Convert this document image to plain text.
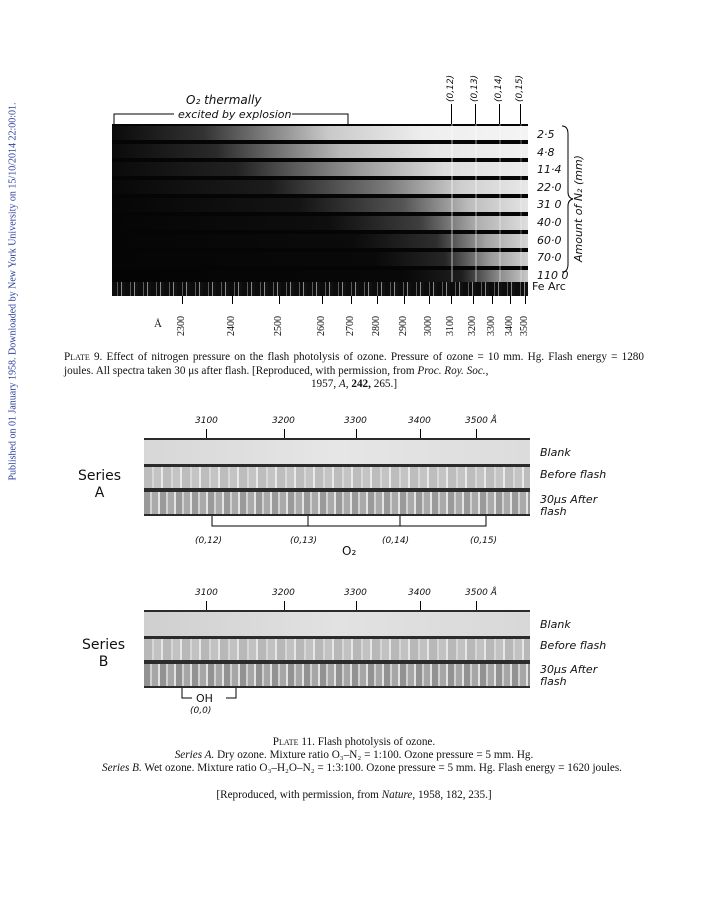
Published on 01 January 1958. Downloaded by New York University on 15/10/2014 22:00:01.
O₂ thermally
excited by explosion
(0,12) (0,13) (0,14) (0,15)
2·5
4·8
11·4
22·0
31 0
40·0
60·0
70·0
110 0
Fe Arc
Amount of N₂ (mm)
Å 2300	2400	2500	2600 2700 2800 2900 3000 3100 3200 3300 3400 3500
Plate 9. Effect of nitrogen pressure on the flash photolysis of ozone. Pressure of ozone = 10 mm. Hg. Flash energy = 1280 joules. All spectra taken 30 μs after flash. [Reproduced, with permission, from Proc. Roy. Soc.,
1957, A, 242, 265.]
3100	3200	3300	3400	3500 Å
Series
A
Blank
Before flash
30μs After flash
(0,12)	(0,13)	(0,14)	(0,15)
O₂
3100	3200	3300	3400	3500 Å
Series
B
Blank
Before flash
30μs After flash
OH
(0,0)
Plate 11. Flash photolysis of ozone.
Series A. Dry ozone. Mixture ratio O₃–N₂ = 1:100. Ozone pressure = 5 mm. Hg.
Series B. Wet ozone. Mixture ratio O₃–H₂O–N₂ = 1:3:100. Ozone pressure = 5 mm. Hg. Flash energy = 1620 joules.
[Reproduced, with permission, from Nature, 1958, 182, 235.]
